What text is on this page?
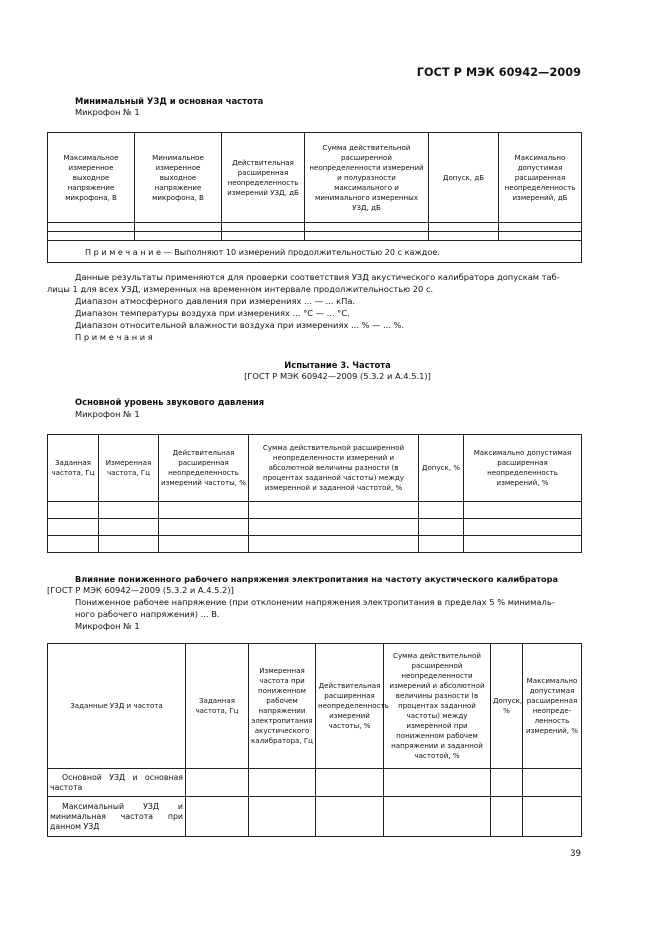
ГОСТ Р МЭК 60942—2009
Минимальный УЗД и основная частота
Микрофон № 1
Максимальное измеренное выходное напряжение микрофона, В	Минимальное измеренное выходное напряжение микрофона, В	Действительная расширенная неопределенность измерений УЗД, дБ	Сумма действительной расширенной неопределенности измерений и полуразности максимального и минимального измеренных УЗД, дБ	Допуск, дБ	Максимально допустимая расширенная неопределенность измерений, дБ

П р и м е ч а н и е — Выполняют 10 измерений продолжительностью 20 с каждое.					
Данные результаты применяются для проверки соответствия УЗД акустического калибратора допускам таб-
лицы 1 для всех УЗД, измеренных на временном интервале продолжительностью 20 с.
Диапазон атмосферного давления при измерениях ... — ... кПа.
Диапазон температуры воздуха при измерениях ... °С — ... °С.
Диапазон относительной влажности воздуха при измерениях ... % — ... %.
П р и м е ч а н и я
Испытание 3. Частота
[ГОСТ Р МЭК 60942—2009 (5.3.2 и А.4.5.1)]
Основной уровень звукового давления
Микрофон № 1
Заданная частота, Гц	Измеренная частота, Гц	Действительная расширенная неопределенность измерений частоты, %	Сумма действительной расширенной неопределенности измерений и абсолютной величины разности (в процентах заданной частоты) между измеренной и заданной частотой, %	Допуск, %	Максимально допустимая расширенная неопределенность измерений, %

Влияние пониженного рабочего напряжения электропитания на частоту акустического калибратора
[ГОСТ Р МЭК 60942—2009 (5.3.2 и А.4.5.2)]
Пониженное рабочее напряжение (при отклонении напряжения электропитания в пределах 5 % минималь-
ного рабочего напряжения) ... В.
Микрофон № 1
Заданные УЗД и частота	Заданная частота, Гц	Измеренная частота при пониженном рабочем напряжении электропитания акустического калибратора, Гц	Действительная расширенная неопределенность измерений частоты, %	Сумма действительной расширенной неопределенности измерений и абсолютной величины разности (в процентах заданной частоты) между измеренной при пониженном рабочем напряжении и заданной частотой, %	Допуск, %	Максимально допустимая расширенная неопреде-ленность измерений, %
Основной УЗД и основная частота						
Максимальный УЗД и минимальная частота при данном УЗД						
39
